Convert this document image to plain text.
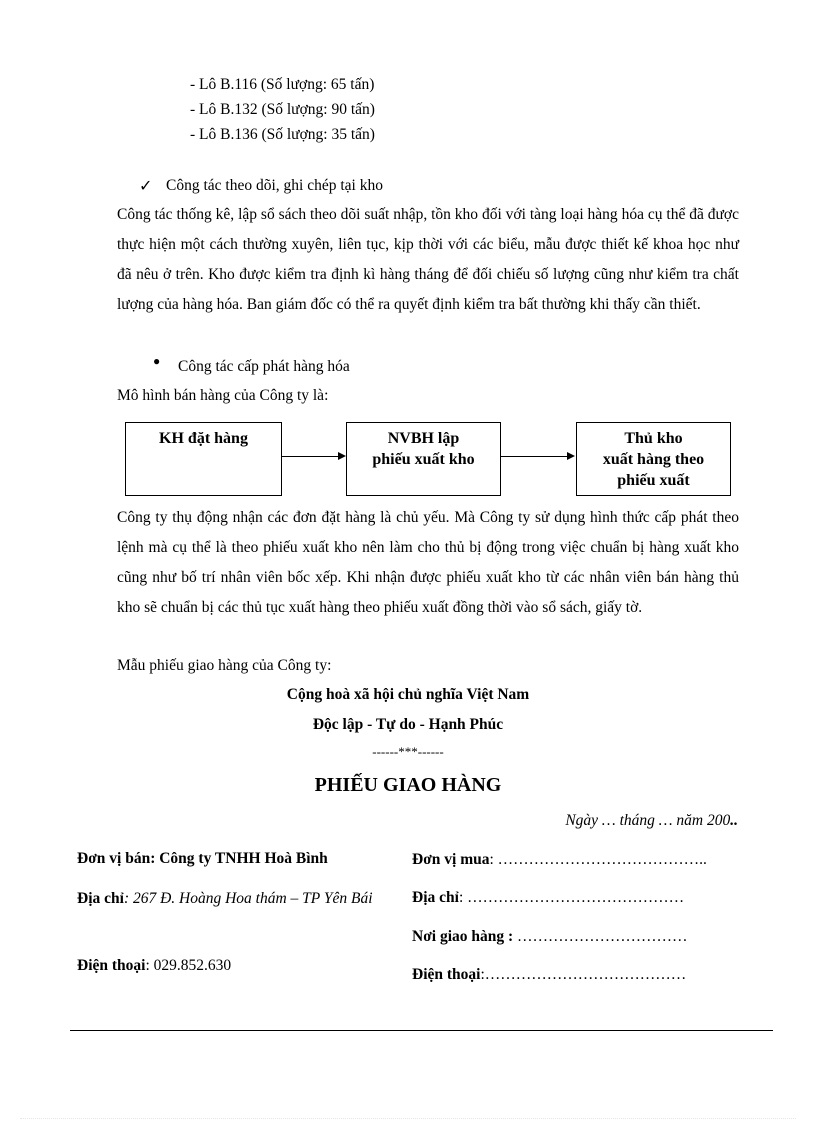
- Lô B.116 (Số lượng: 65 tấn)
- Lô B.132 (Số lượng: 90 tấn)
- Lô B.136 (Số lượng: 35 tấn)
✓ Công tác theo dõi, ghi chép tại kho
Công tác thống kê, lập sổ sách theo dõi suất nhập, tồn kho đối với tàng loại hàng hóa cụ thể đã được thực hiện một cách thường xuyên, liên tục, kịp thời với các biểu, mẫu được thiết kế khoa học như đã nêu ở trên. Kho được kiểm tra định kì hàng tháng để đối chiếu số lượng cũng như kiểm tra chất lượng của hàng hóa. Ban giám đốc có thể ra quyết định kiểm tra bất thường khi thấy cần thiết.
● Công tác cấp phát hàng hóa
Mô hình bán hàng của Công ty là:
KH đặt hàng	NVBH lập
phiếu xuất kho
Thủ kho
xuất hàng theo
phiếu xuất
Công ty thụ động nhận các đơn đặt hàng là chủ yếu. Mà Công ty sử dụng hình thức cấp phát theo lệnh mà cụ thể là theo phiếu xuất kho nên làm cho thủ bị động trong việc chuẩn bị hàng xuất kho cũng như bố trí nhân viên bốc xếp. Khi nhận được phiếu xuất kho từ các nhân viên bán hàng thủ kho sẽ chuẩn bị các thủ tục xuất hàng theo phiếu xuất đồng thời vào sổ sách, giấy tờ.
Mẫu phiếu giao hàng của Công ty:
Cộng hoà xã hội chủ nghĩa Việt Nam
Độc lập - Tự do - Hạnh Phúc
------***------
PHIẾU GIAO HÀNG
Ngày … tháng … năm 200..
Đơn vị bán: Công ty TNHH Hoà Bình
Địa chỉ: 267 Đ. Hoàng Hoa thám – TP Yên Bái
Điện thoại: 029.852.630
Đơn vị mua: …………………………………..
Địa chỉ: ……………………………………
Nơi giao hàng : ……………………………
Điện thoại:…………………………………
